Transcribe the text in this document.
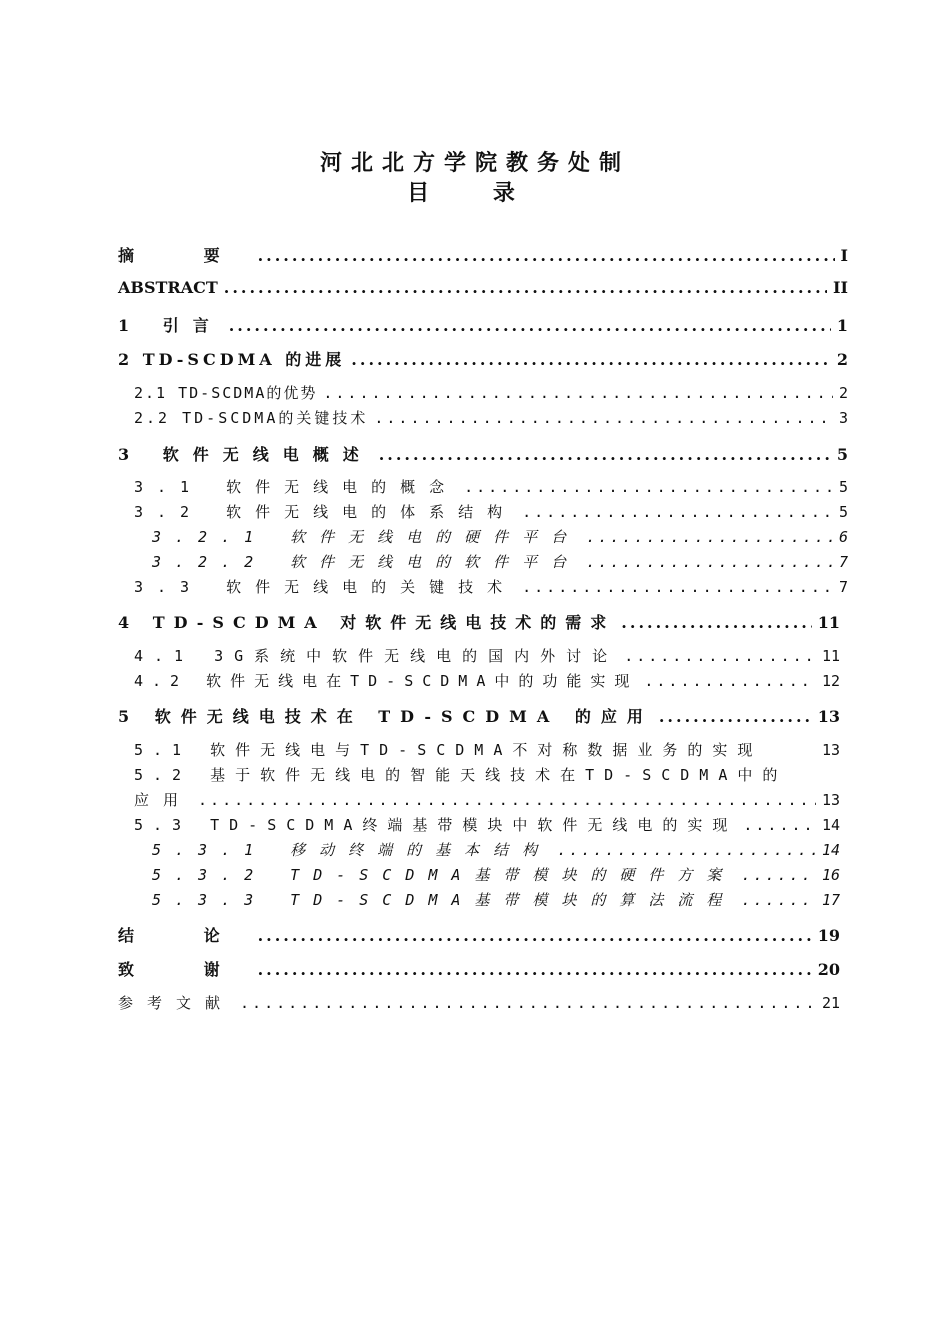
河北北方学院教务处制
目 录
摘 要 .....	I
ABSTRACT .....	II
1 引言 .....	1
2 TD-SCDMA 的进展 .....	2
2.1 TD-SCDMA的优势 .....	2
2.2 TD-SCDMA的关键技术 .....	3
3 软件无线电概述 .....	5
3.1 软件无线电的概念 .....	5
3.2 软件无线电的体系结构 .....	5
3.2.1 软件无线电的硬件平台 .....	6
3.2.2 软件无线电的软件平台 .....	7
3.3 软件无线电的关键技术 .....	7
4 TD-SCDMA 对软件无线电技术的需求 .....	11
4.1 3G系统中软件无线电的国内外讨论 .....	11
4.2 软件无线电在TD-SCDMA中的功能实现 .....	12
5 软件无线电技术在 TD-SCDMA 的应用 .....	13
5.1 软件无线电与TD-SCDMA不对称数据业务的实现	13
5.2 基于软件无线电的智能天线技术在TD-SCDMA中的
应用 .....	13
5.3 TD-SCDMA终端基带模块中软件无线电的实现 .....	14
5.3.1 移动终端的基本结构 .....	14
5.3.2 TD-SCDMA基带模块的硬件方案 .....	16
5.3.3 TD-SCDMA基带模块的算法流程 .....	17
结 论 .....	19
致 谢 .....	20
参考文献 .....	21
